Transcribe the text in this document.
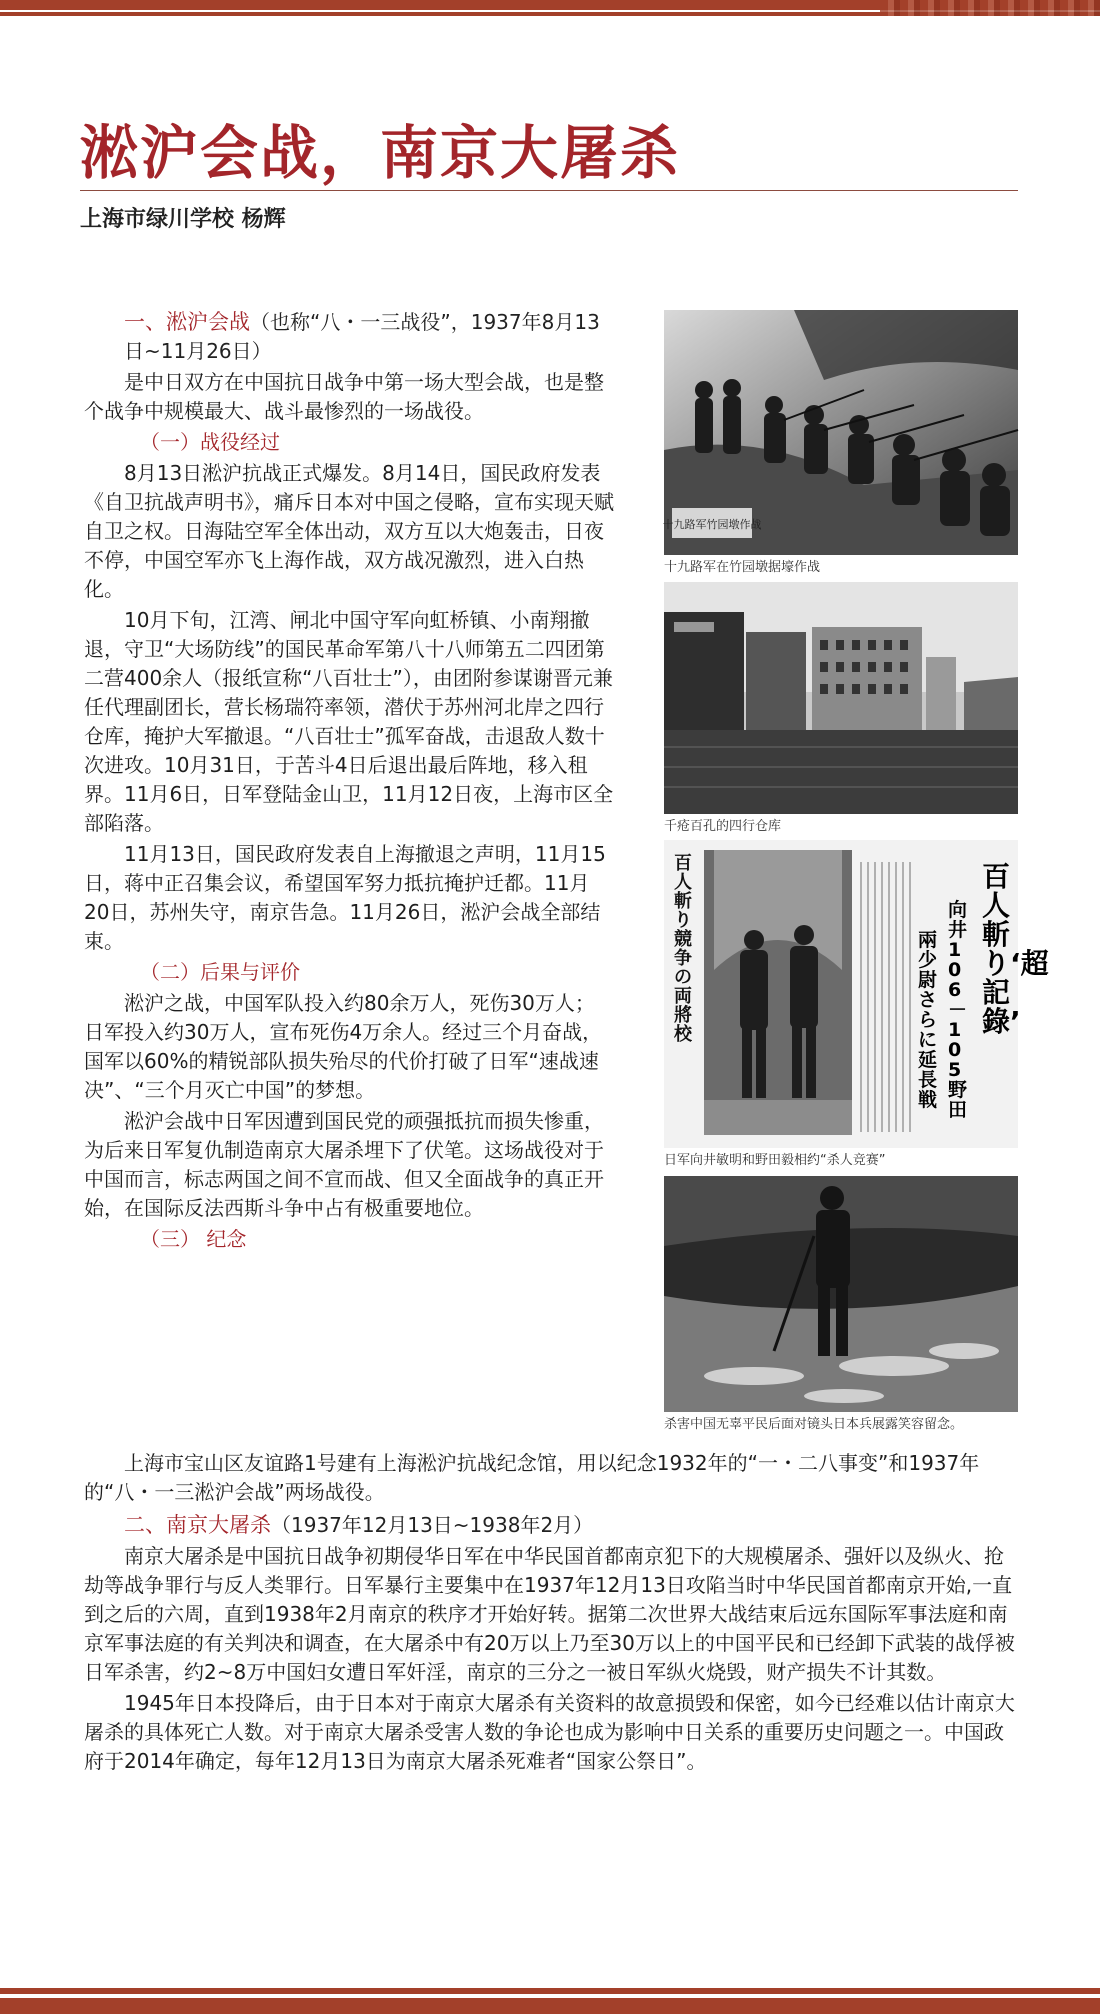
淞沪会战，南京大屠杀
上海市绿川学校 杨辉

一、淞沪会战（也称“八・一三战役”，1937年8月13日~11月26日）

是中日双方在中国抗日战争中第一场大型会战，也是整个战争中规模最大、战斗最惨烈的一场战役。

（一）战役经过

8月13日淞沪抗战正式爆发。8月14日，国民政府发表《自卫抗战声明书》，痛斥日本对中国之侵略，宣布实现天赋自卫之权。日海陆空军全体出动，双方互以大炮轰击，日夜不停，中国空军亦飞上海作战，双方战况激烈，进入白热化。

10月下旬，江湾、闸北中国守军向虹桥镇、小南翔撤退，守卫“大场防线”的国民革命军第八十八师第五二四团第二营400余人（报纸宣称“八百壮士”），由团附参谋谢晋元兼任代理副团长，营长杨瑞符率领，潜伏于苏州河北岸之四行仓库，掩护大军撤退。“八百壮士”孤军奋战，击退敌人数十次进攻。10月31日，于苦斗4日后退出最后阵地，移入租界。11月6日，日军登陆金山卫，11月12日夜，上海市区全部陷落。

11月13日，国民政府发表自上海撤退之声明，11月15日，蒋中正召集会议，希望国军努力抵抗掩护迁都。11月20日，苏州失守，南京告急。11月26日，淞沪会战全部结束。

（二）后果与评价

淞沪之战，中国军队投入约80余万人，死伤30万人；日军投入约30万人，宣布死伤4万余人。经过三个月奋战，国军以60%的精锐部队损失殆尽的代价打破了日军“速战速决”、“三个月灭亡中国”的梦想。

淞沪会战中日军因遭到国民党的顽强抵抗而损失惨重，为后来日军复仇制造南京大屠杀埋下了伏笔。这场战役对于中国而言，标志两国之间不宣而战、但又全面战争的真正开始，在国际反法西斯斗争中占有极重要地位。

（三） 纪念

上海市宝山区友谊路1号建有上海淞沪抗战纪念馆，用以纪念1932年的“一・二八事变”和1937年的“八・一三淞沪会战”两场战役。

二、南京大屠杀（1937年12月13日~1938年2月）

南京大屠杀是中国抗日战争初期侵华日军在中华民国首都南京犯下的大规模屠杀、强奸以及纵火、抢劫等战争罪行与反人类罪行。日军暴行主要集中在1937年12月13日攻陷当时中华民国首都南京开始,一直到之后的六周，直到1938年2月南京的秩序才开始好转。据第二次世界大战结束后远东国际军事法庭和南京军事法庭的有关判决和调查，在大屠杀中有20万以上乃至30万以上的中国平民和已经卸下武装的战俘被日军杀害，约2~8万中国妇女遭日军奸淫，南京的三分之一被日军纵火烧毁，财产损失不计其数。

1945年日本投降后，由于日本对于南京大屠杀有关资料的故意损毁和保密，如今已经难以估计南京大屠杀的具体死亡人数。对于南京大屠杀受害人数的争论也成为影响中日关系的重要历史问题之一。中国政府于2014年确定，每年12月13日为南京大屠杀死难者“国家公祭日”。

十九路军竹园墩作战
十九路军在竹园墩据壕作战
千疮百孔的四行仓库
百人斬り競争の両將校
百人斬り‘超記錄’
向井106－105野田
兩少尉さらに延長戦
日军向井敏明和野田毅相约“杀人竞赛”
杀害中国无辜平民后面对镜头日本兵展露笑容留念。
